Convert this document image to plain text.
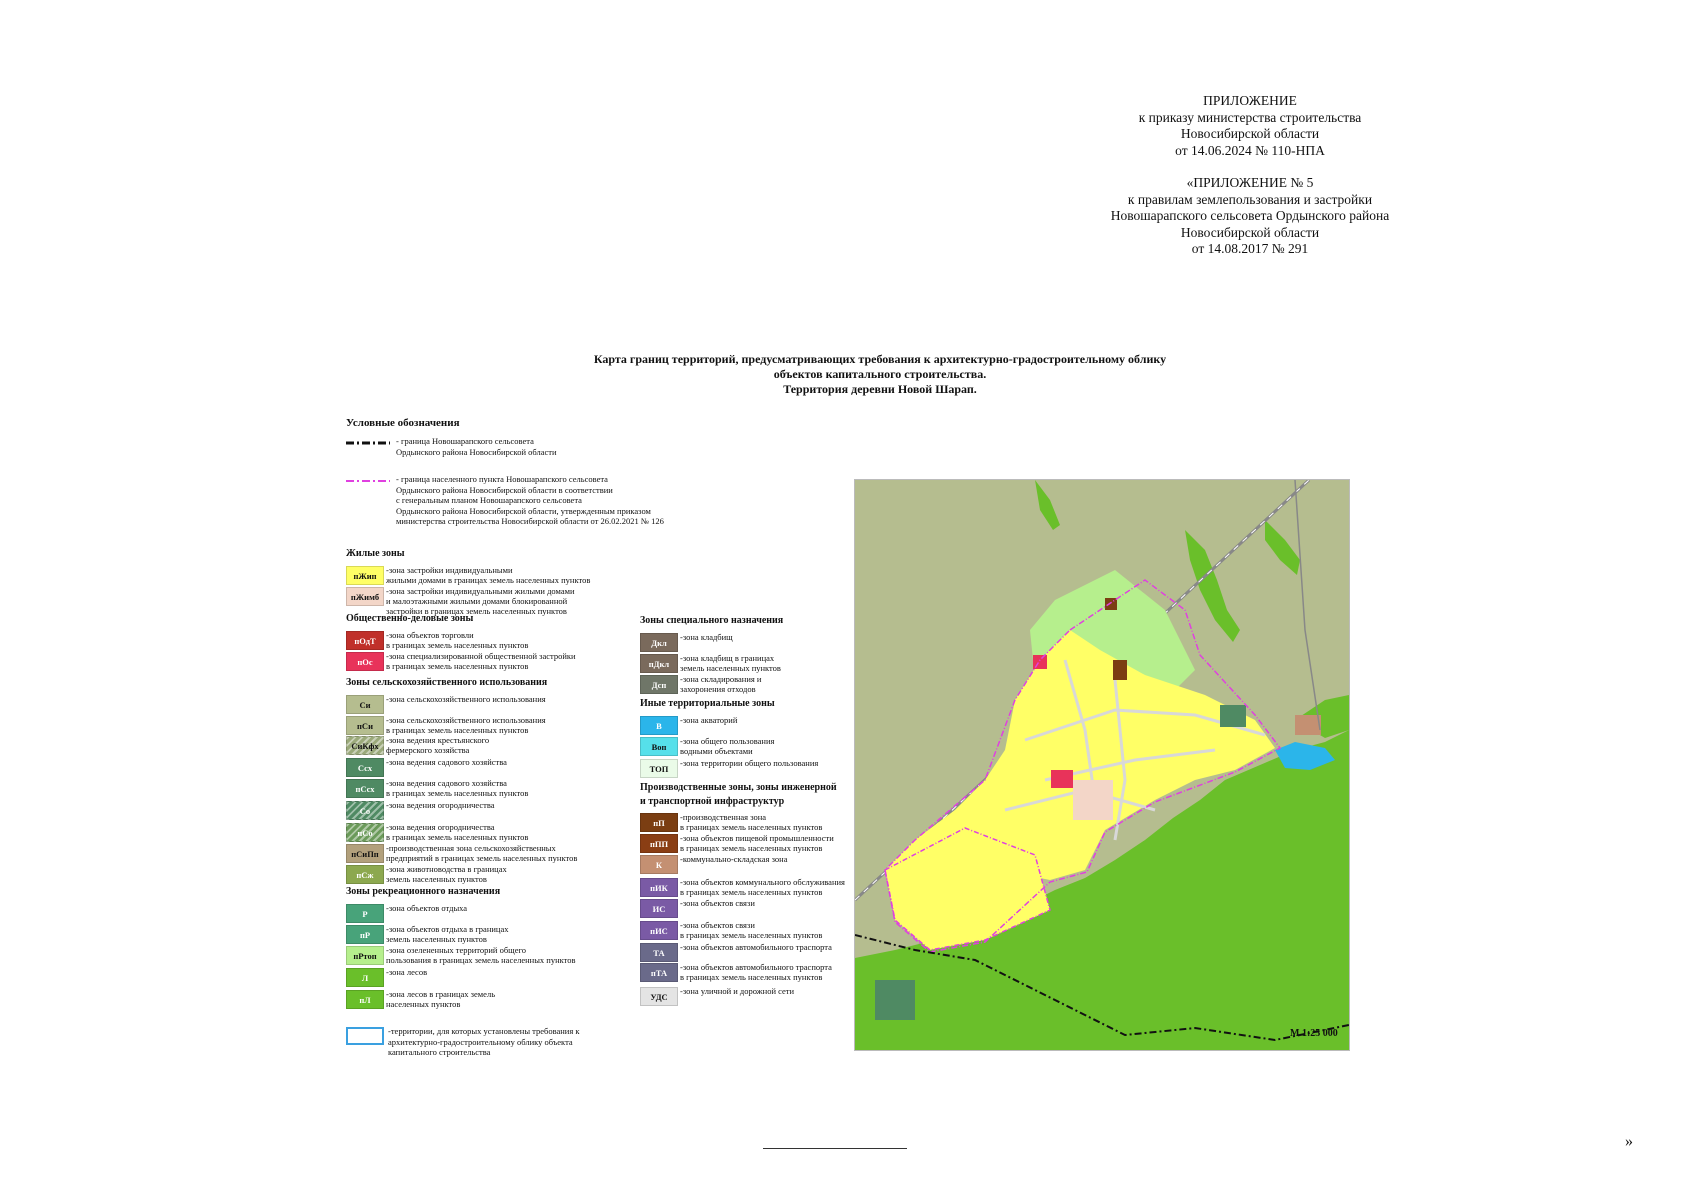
ПРИЛОЖЕНИЕ
к приказу министерства строительства
Новосибирской области
от 14.06.2024 № 110-НПА
«ПРИЛОЖЕНИЕ № 5
к правилам землепользования и застройки
Новошарапского сельсовета Ордынского района
Новосибирской области
от 14.08.2017 № 291
Карта границ территорий, предусматривающих требования к архитектурно-градостроительному облику
объектов капитального строительства.
Территория деревни Новой Шарап.
Условные обозначения
- граница Новошарапского сельсовета
Ордынского района Новосибирской области
- граница населенного пункта Новошарапского сельсовета
Ордынского района Новосибирской области в соответствии
с генеральным планом Новошарапского сельсовета
Ордынского района Новосибирской области, утвержденным приказом
министерства строительства Новосибирской области от 26.02.2021 № 126
Жилые зоны
пЖип
-зона застройки индивидуальными
жилыми домами в границах земель населенных пунктов
пЖимб
-зона застройки индивидуальными жилыми домами
и малоэтажными жилыми домами блокированной
застройки в границах земель населенных пунктов
Общественно-деловые зоны
пОдТ
-зона объектов торговли
в границах земель населенных пунктов
пОс
-зона специализированной общественной застройки
в границах земель населенных пунктов
Зоны сельскохозяйственного использования
Си
-зона сельскохозяйственного использования
пСи
-зона сельскохозяйственного использования
в границах земель населенных пунктов
СиКфх
-зона ведения крестьянского
фермерского хозяйства
Ссх
-зона ведения садового хозяйства
пСсх
-зона ведения садового хозяйства
в границах земель населенных пунктов
Со
-зона ведения огородничества
пСо
-зона ведения огородничества
в границах земель населенных пунктов
пСиПп
-производственная зона сельскохозяйственных
предприятий в границах земель населенных пунктов
пСж
-зона животноводства в границах
земель населенных пунктов
Зоны рекреационного назначения
Р
-зона объектов отдыха
пР
-зона объектов отдыха в границах
земель населенных пунктов
пРтоп
-зона озелененных территорий общего
пользования в границах земель населенных пунктов
Л
-зона лесов
пЛ
-зона лесов в границах земель
населенных пунктов
Зоны специального назначения
Дкл
-зона кладбищ
пДкл
-зона кладбищ в границах
земель населенных пунктов
Дсп
-зона складирования и
захоронения отходов
Иные территориальные зоны
В
-зона акваторий
Воп
-зона общего пользования
водными объектами
ТОП
-зона территории общего пользования
Производственные зоны, зоны инженерной
и транспортной инфраструктур
пП
-производственная зона
в границах земель населенных пунктов
пПП
-зона объектов пищевой промышленности
в границах земель населенных пунктов
К
-коммунально-складская зона
пИК
-зона объектов коммунального обслуживания
в границах земель населенных пунктов
ИС
-зона объектов связи
пИС
-зона объектов связи
в границах земель населенных пунктов
ТА
-зона объектов автомобильного траспорта
пТА
-зона объектов автомобильного траспорта
в границах земель населенных пунктов
УДС
-зона уличной и дорожной сети
-территории, для которых установлены требования к
архитектурно-градостроительному облику объекта
капитального строительства
М 1:25 000
»
